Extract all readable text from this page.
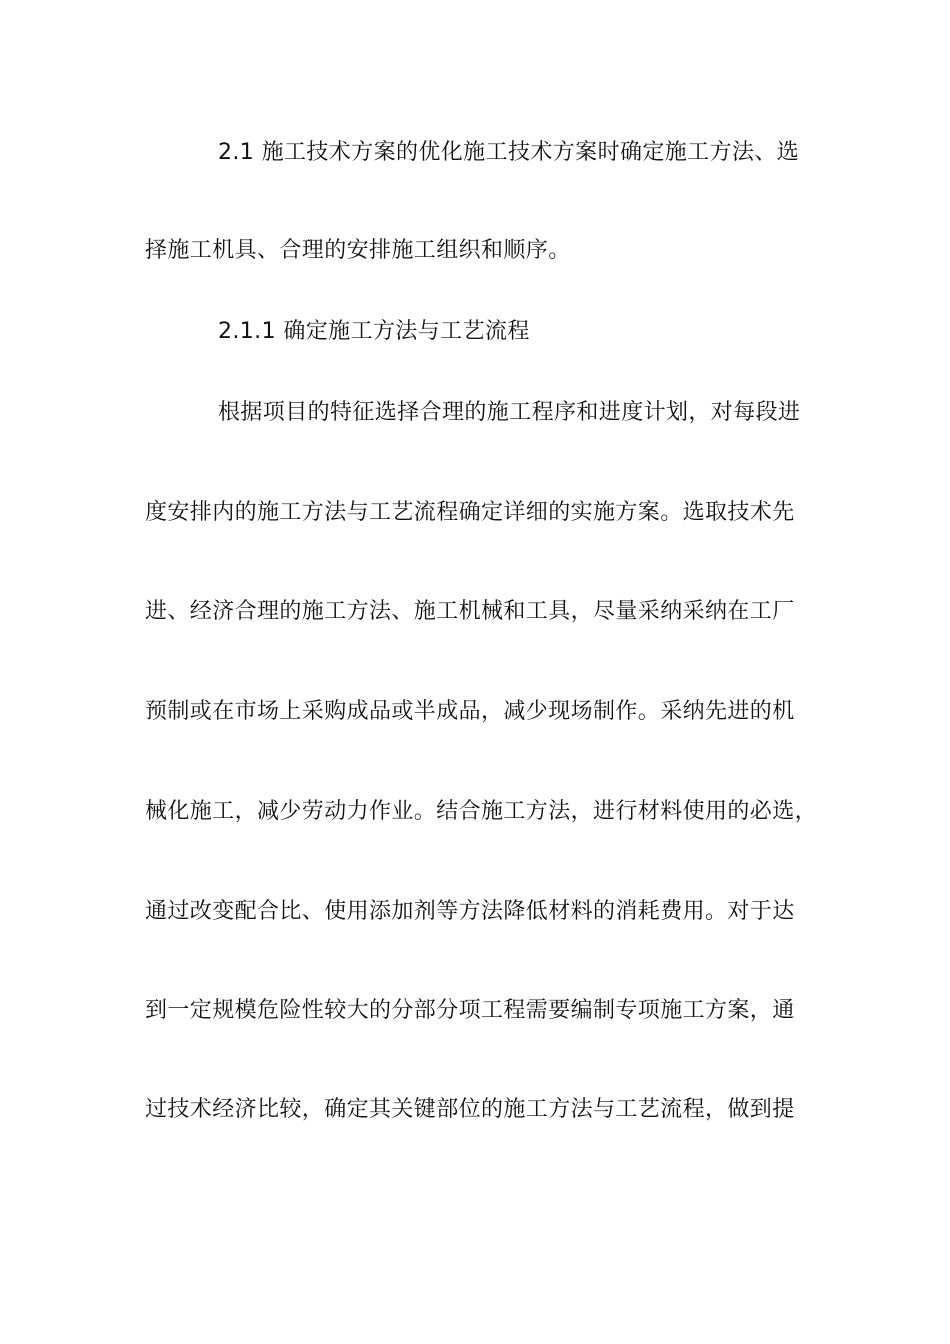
2.1 施工技术方案的优化施工技术方案时确定施工方法、选
择施工机具、合理的安排施工组织和顺序。
2.1.1 确定施工方法与工艺流程
根据项目的特征选择合理的施工程序和进度计划，对每段进
度安排内的施工方法与工艺流程确定详细的实施方案。选取技术先
进、经济合理的施工方法、施工机械和工具，尽量采纳采纳在工厂
预制或在市场上采购成品或半成品，减少现场制作。采纳先进的机
械化施工，减少劳动力作业。结合施工方法，进行材料使用的必选，
通过改变配合比、使用添加剂等方法降低材料的消耗费用。对于达
到一定规模危险性较大的分部分项工程需要编制专项施工方案，通
过技术经济比较，确定其关键部位的施工方法与工艺流程，做到提
